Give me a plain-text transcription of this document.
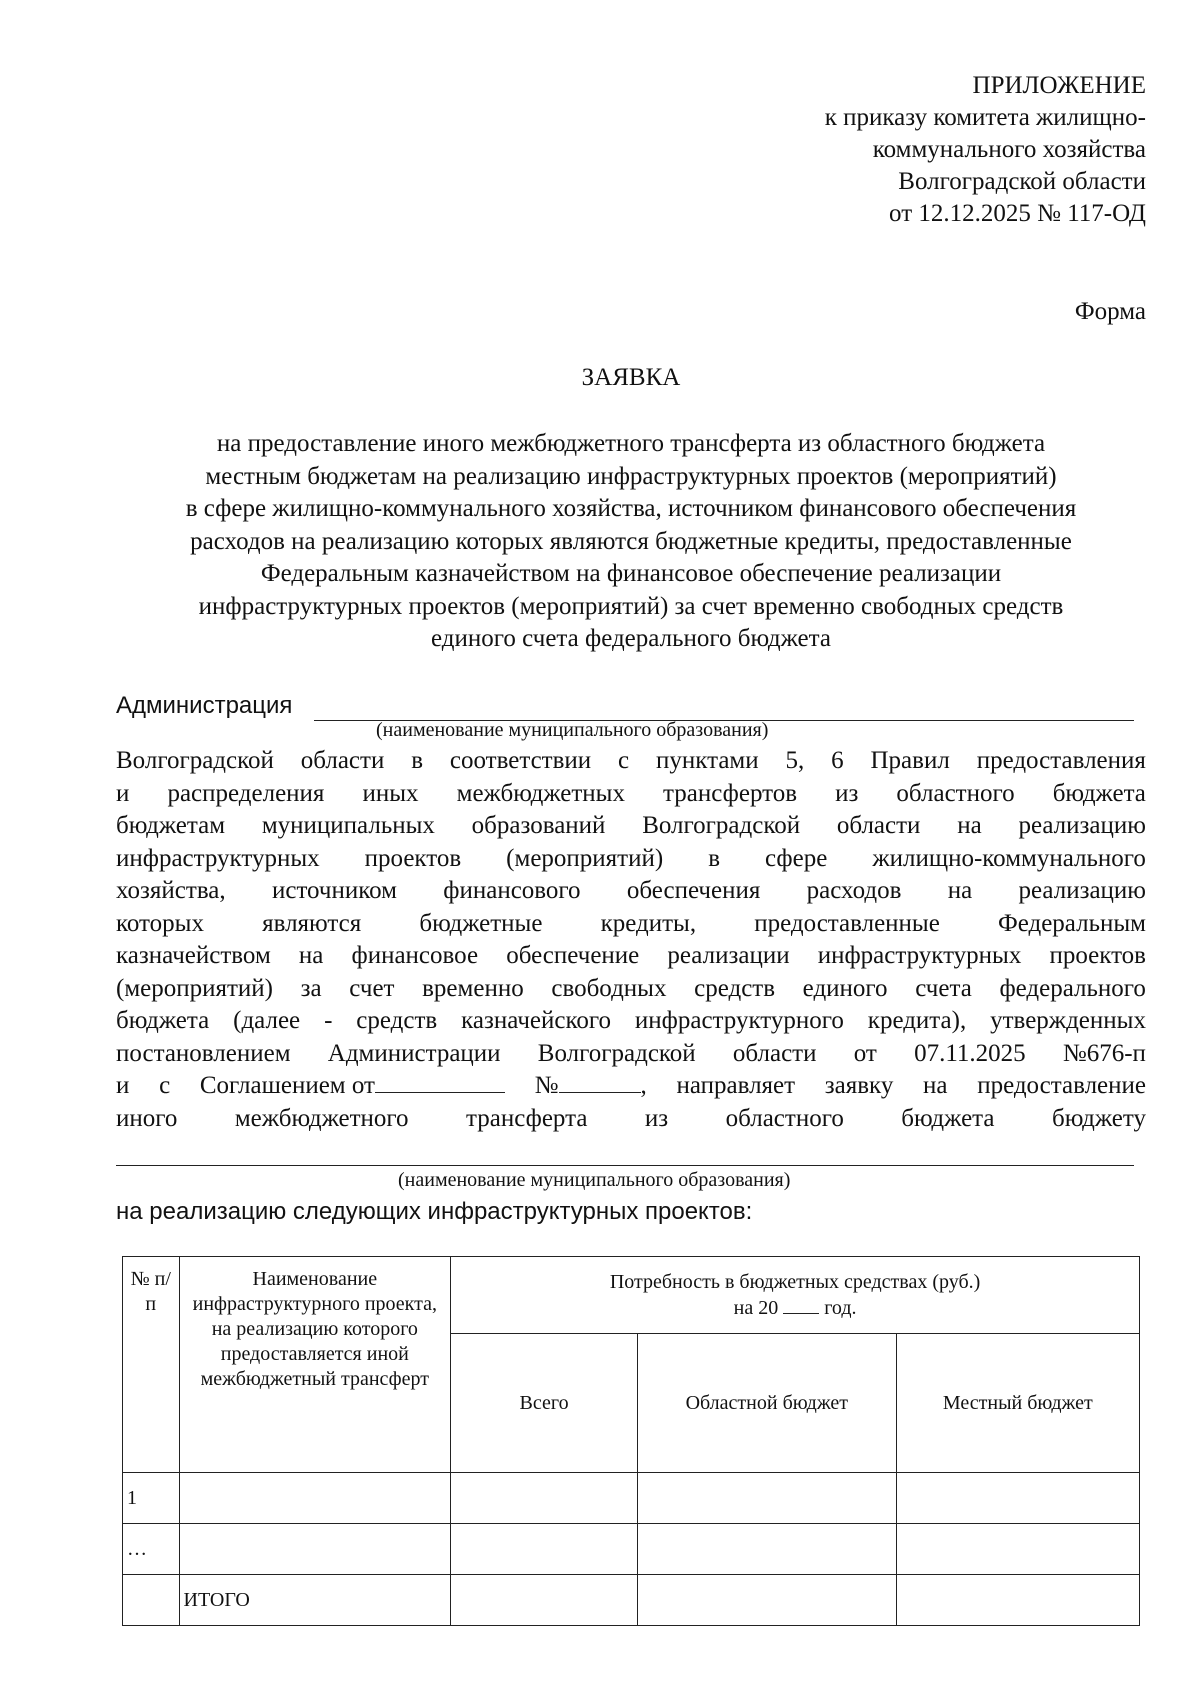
ПРИЛОЖЕНИЕ
к приказу комитета жилищно-
коммунального хозяйства
Волгоградской области
от 12.12.2025 № 117-ОД
Форма
ЗАЯВКА
на предоставление иного межбюджетного трансферта из областного бюджета
местным бюджетам на реализацию инфраструктурных проектов (мероприятий)
в сфере жилищно-коммунального хозяйства, источником финансового обеспечения
расходов на реализацию которых являются бюджетные кредиты, предоставленные
Федеральным казначейством на финансовое обеспечение реализации
инфраструктурных проектов (мероприятий) за счет временно свободных средств
единого счета федерального бюджета
Администрация
(наименование муниципального образования)
Волгоградской области в соответствии с пунктами 5, 6 Правил предоставления
и распределения иных межбюджетных трансфертов из областного бюджета
бюджетам муниципальных образований Волгоградской области на реализацию
инфраструктурных проектов (мероприятий) в сфере жилищно-коммунального
хозяйства, источником финансового обеспечения расходов на реализацию
которых являются бюджетные кредиты, предоставленные Федеральным
казначейством на финансовое обеспечение реализации инфраструктурных проектов
(мероприятий) за счет временно свободных средств единого счета федерального
бюджета (далее - средств казначейского инфраструктурного кредита), утвержденных
постановлением Администрации Волгоградской области от 07.11.2025 №676-п
и с Соглашением от	№	, направляет заявку на предоставление
иного межбюджетного трансферта из областного бюджета бюджету
(наименование муниципального образования)
на реализацию следующих инфраструктурных проектов:
№ п/п	Наименование инфраструктурного проекта, на реализацию которого предоставляется иной межбюджетный трансферт	Потребность в бюджетных средствах (руб.)
на 20 год.		

		Всего	Областной бюджет	Местный бюджет
1				
…				
	ИТОГО			
